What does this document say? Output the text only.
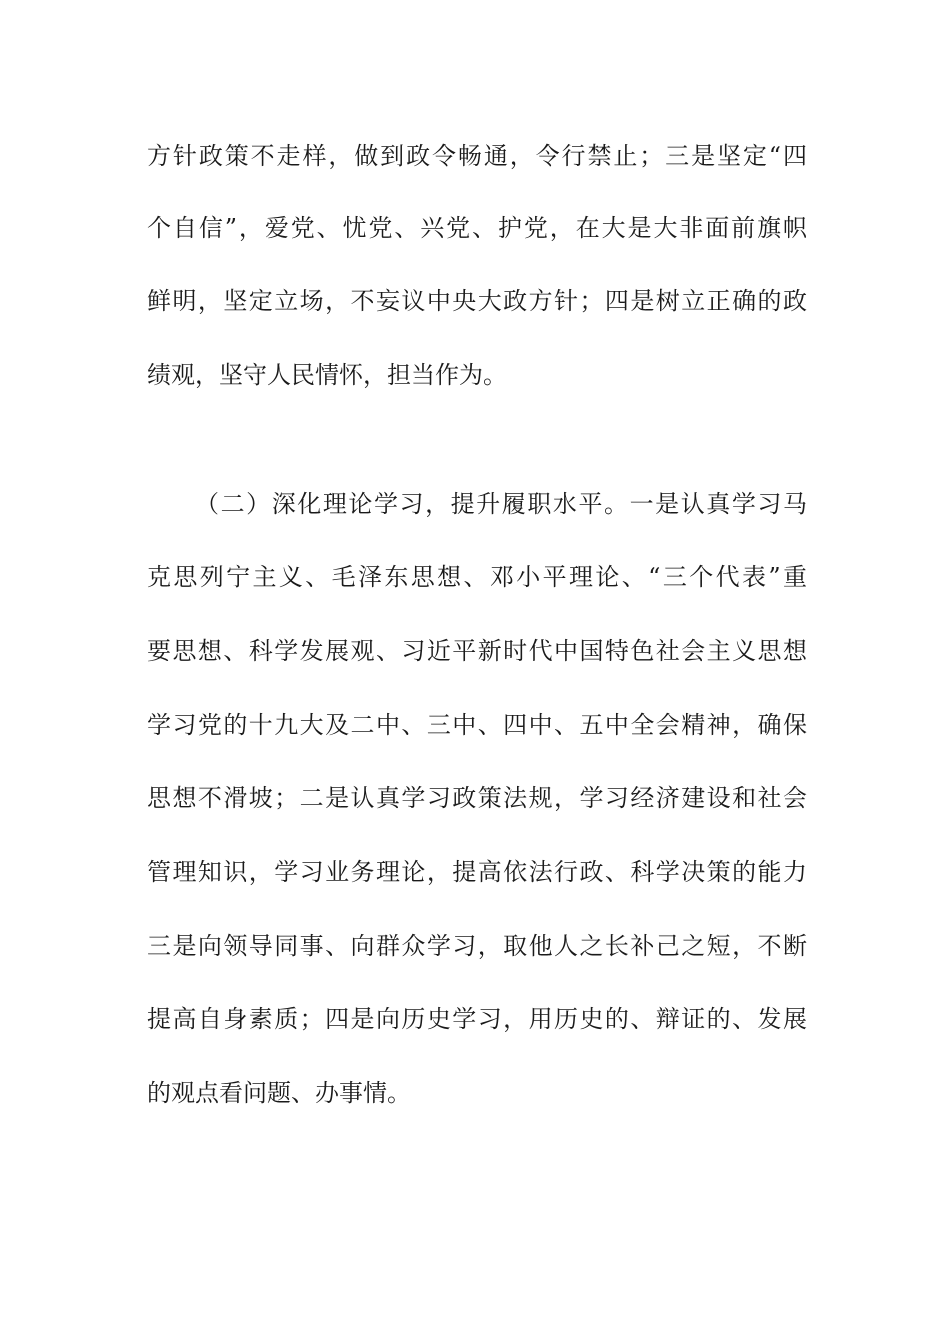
方针政策不走样，做到政令畅通，令行禁止；三是坚定“四
个自信”，爱党、忧党、兴党、护党，在大是大非面前旗帜
鲜明，坚定立场，不妄议中央大政方针；四是树立正确的政
绩观，坚守人民情怀，担当作为。
（二）深化理论学习，提升履职水平。一是认真学习马
克思列宁主义、毛泽东思想、邓小平理论、“三个代表”重
要思想、科学发展观、习近平新时代中国特色社会主义思想
学习党的十九大及二中、三中、四中、五中全会精神，确保
思想不滑坡；二是认真学习政策法规，学习经济建设和社会
管理知识，学习业务理论，提高依法行政、科学决策的能力
三是向领导同事、向群众学习，取他人之长补己之短，不断
提高自身素质；四是向历史学习，用历史的、辩证的、发展
的观点看问题、办事情。
